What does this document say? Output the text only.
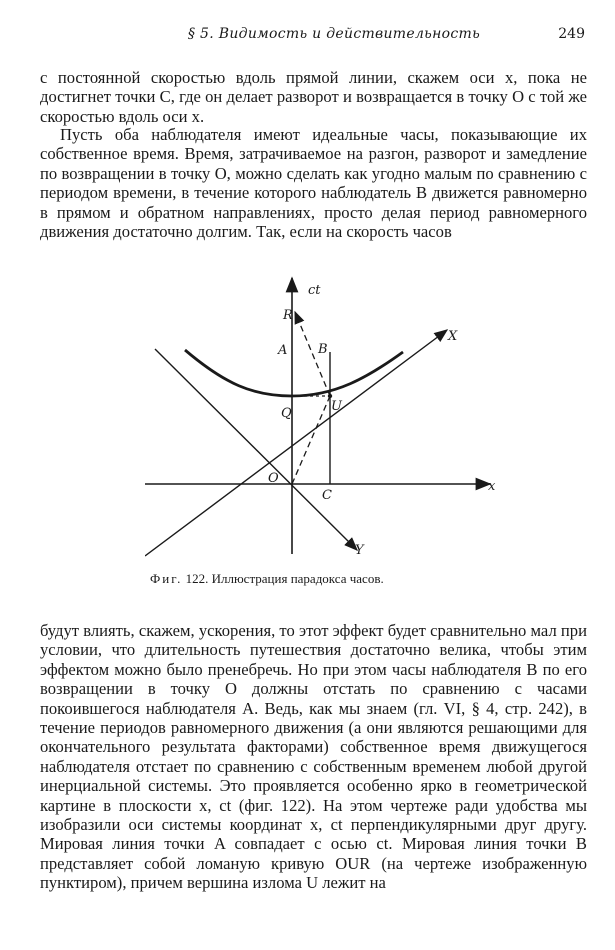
§ 5. Видимость и действительность	249

с постоянной скоростью вдоль прямой линии, скажем оси x, пока не достигнет точки C, где он делает разворот и возвращается в точку O с той же скоростью вдоль оси x.

Пусть оба наблюдателя имеют идеальные часы, показывающие их собственное время. Время, затрачиваемое на разгон, разворот и замедление по возвращении в точку O, можно сделать как угодно малым по сравнению с периодом времени, в течение которого наблюдатель B движется равномерно в прямом и обратном направлениях, просто делая период равномерного движения достаточно долгим. Так, если на скорость часов

ct
R
A B
X
Q	U
O
C
x
Y
Фиг. 122. Иллюстрация парадокса часов.

будут влиять, скажем, ускорения, то этот эффект будет сравнительно мал при условии, что длительность путешествия достаточно велика, чтобы этим эффектом можно было пренебречь. Но при этом часы наблюдателя B по его возвращении в точку O должны отстать по сравнению с часами покоившегося наблюдателя A. Ведь, как мы знаем (гл. VI, § 4, стр. 242), в течение периодов равномерного движения (а они являются решающими для окончательного результата факторами) собственное время движущегося наблюдателя отстает по сравнению с собственным временем любой другой инерциальной системы. Это проявляется особенно ярко в геометрической картине в плоскости x, ct (фиг. 122). На этом чертеже ради удобства мы изобразили оси системы координат x, ct перпендикулярными друг другу. Мировая линия точки A совпадает с осью ct. Мировая линия точки B представляет собой ломаную кривую OUR (на чертеже изображенную пунктиром), причем вершина излома U лежит на
